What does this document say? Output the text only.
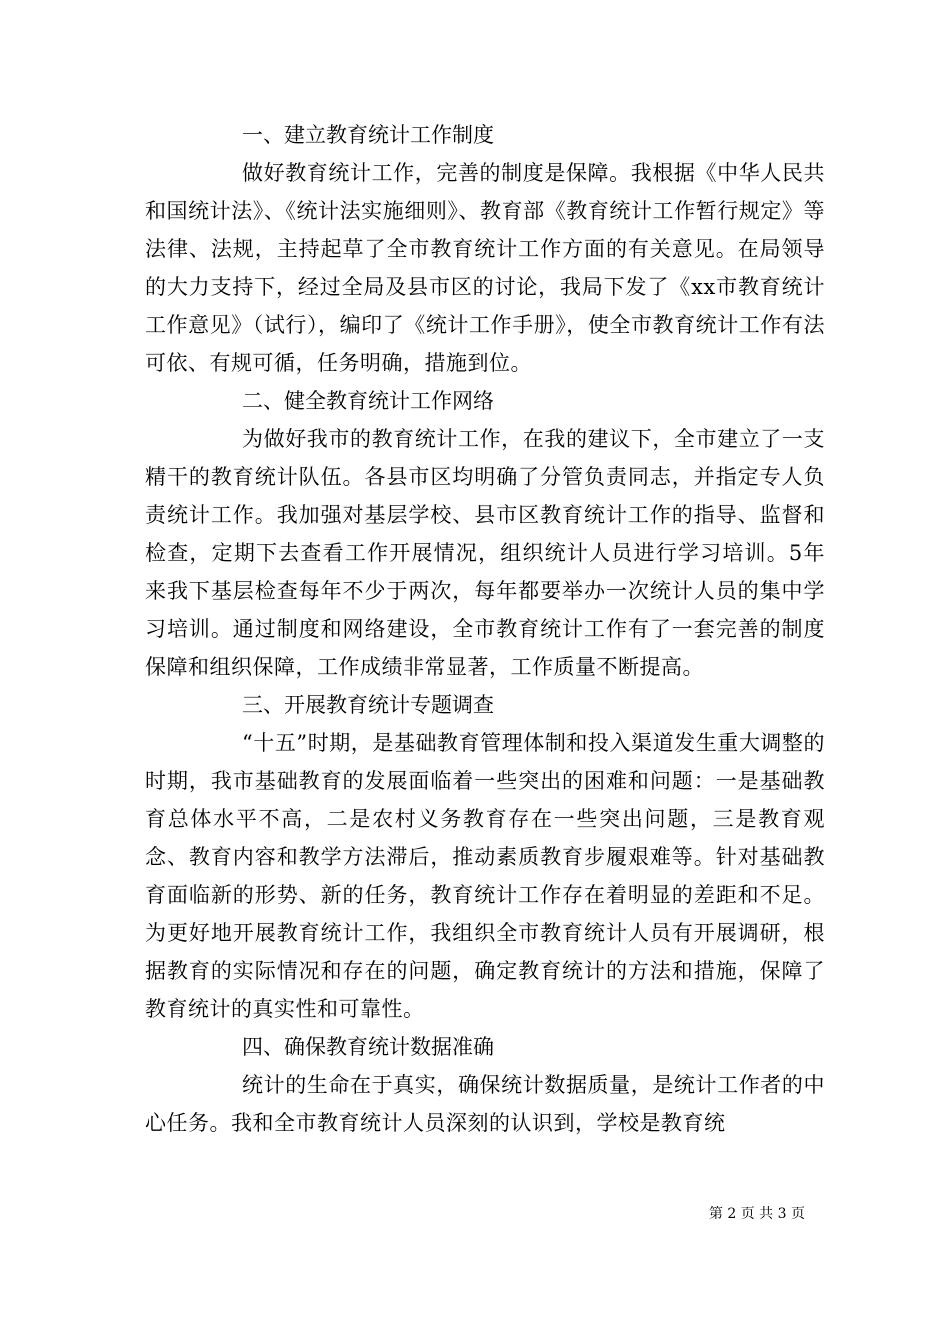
一、建立教育统计工作制度

做好教育统计工作，完善的制度是保障。我根据《中华人民共和国统计法》、《统计法实施细则》、教育部《教育统计工作暂行规定》等法律、法规，主持起草了全市教育统计工作方面的有关意见。在局领导的大力支持下，经过全局及县市区的讨论，我局下发了《xx市教育统计工作意见》（试行），编印了《统计工作手册》，使全市教育统计工作有法可依、有规可循，任务明确，措施到位。

二、健全教育统计工作网络

为做好我市的教育统计工作，在我的建议下，全市建立了一支精干的教育统计队伍。各县市区均明确了分管负责同志，并指定专人负责统计工作。我加强对基层学校、县市区教育统计工作的指导、监督和检查，定期下去查看工作开展情况，组织统计人员进行学习培训。5年来我下基层检查每年不少于两次，每年都要举办一次统计人员的集中学习培训。通过制度和网络建设，全市教育统计工作有了一套完善的制度保障和组织保障，工作成绩非常显著，工作质量不断提高。

三、开展教育统计专题调查

“十五”时期，是基础教育管理体制和投入渠道发生重大调整的时期，我市基础教育的发展面临着一些突出的困难和问题：一是基础教育总体水平不高，二是农村义务教育存在一些突出问题，三是教育观念、教育内容和教学方法滞后，推动素质教育步履艰难等。针对基础教育面临新的形势、新的任务，教育统计工作存在着明显的差距和不足。为更好地开展教育统计工作，我组织全市教育统计人员有开展调研，根据教育的实际情况和存在的问题，确定教育统计的方法和措施，保障了教育统计的真实性和可靠性。

四、确保教育统计数据准确

统计的生命在于真实，确保统计数据质量，是统计工作者的中心任务。我和全市教育统计人员深刻的认识到，学校是教育统

第 2 页 共 3 页
